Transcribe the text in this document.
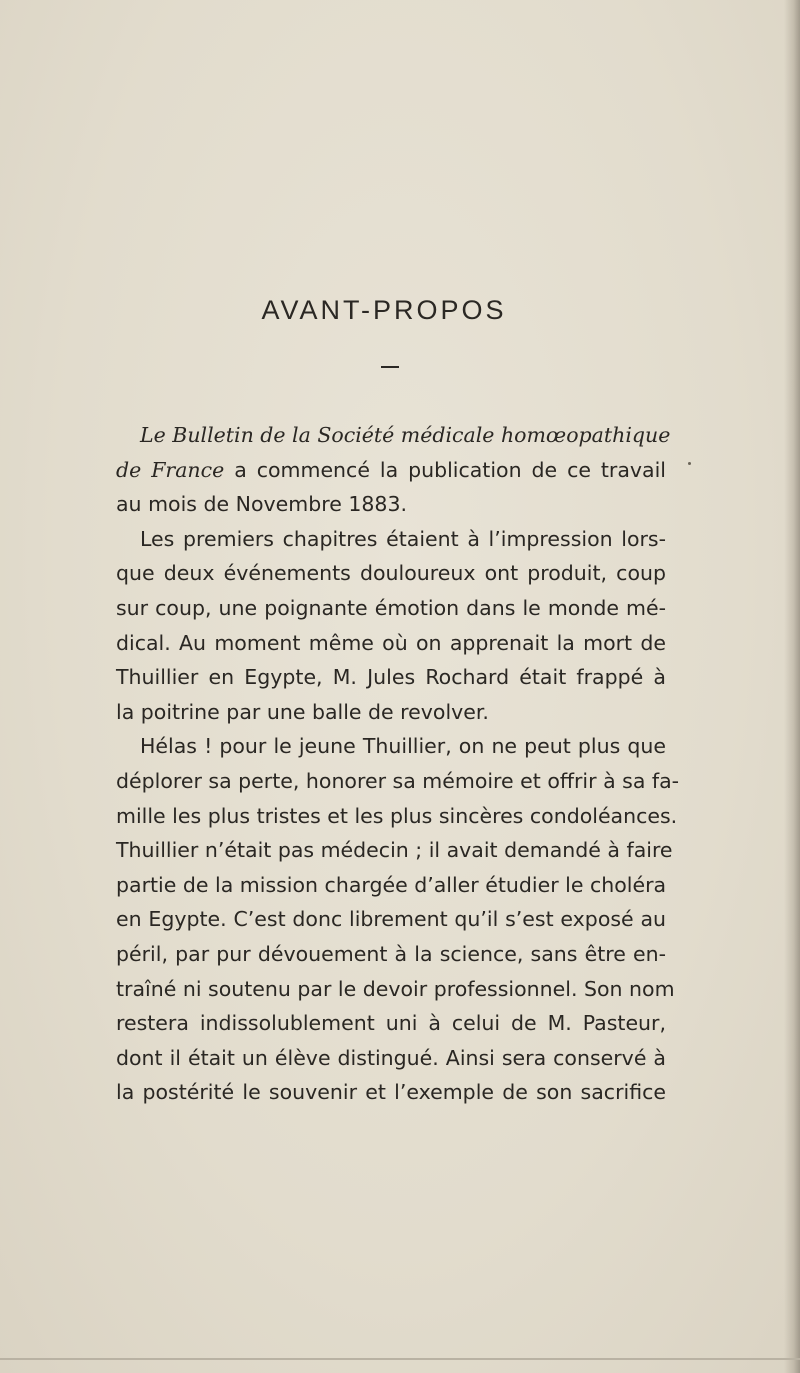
AVANT-PROPOS
Le Bulletin de la Société médicale homœopathique
de France a commencé la publication de ce travail
au mois de Novembre 1883.
Les premiers chapitres étaient à l’impression lors-
que deux événements douloureux ont produit, coup
sur coup, une poignante émotion dans le monde mé-
dical. Au moment même où on apprenait la mort de
Thuillier en Egypte, M. Jules Rochard était frappé à
la poitrine par une balle de revolver.
Hélas ! pour le jeune Thuillier, on ne peut plus que
déplorer sa perte, honorer sa mémoire et offrir à sa fa-
mille les plus tristes et les plus sincères condoléances.
Thuillier n’était pas médecin ; il avait demandé à faire
partie de la mission chargée d’aller étudier le choléra
en Egypte. C’est donc librement qu’il s’est exposé au
péril, par pur dévouement à la science, sans être en-
traîné ni soutenu par le devoir professionnel. Son nom
restera indissolublement uni à celui de M. Pasteur,
dont il était un élève distingué. Ainsi sera conservé à
la postérité le souvenir et l’exemple de son sacrifice
